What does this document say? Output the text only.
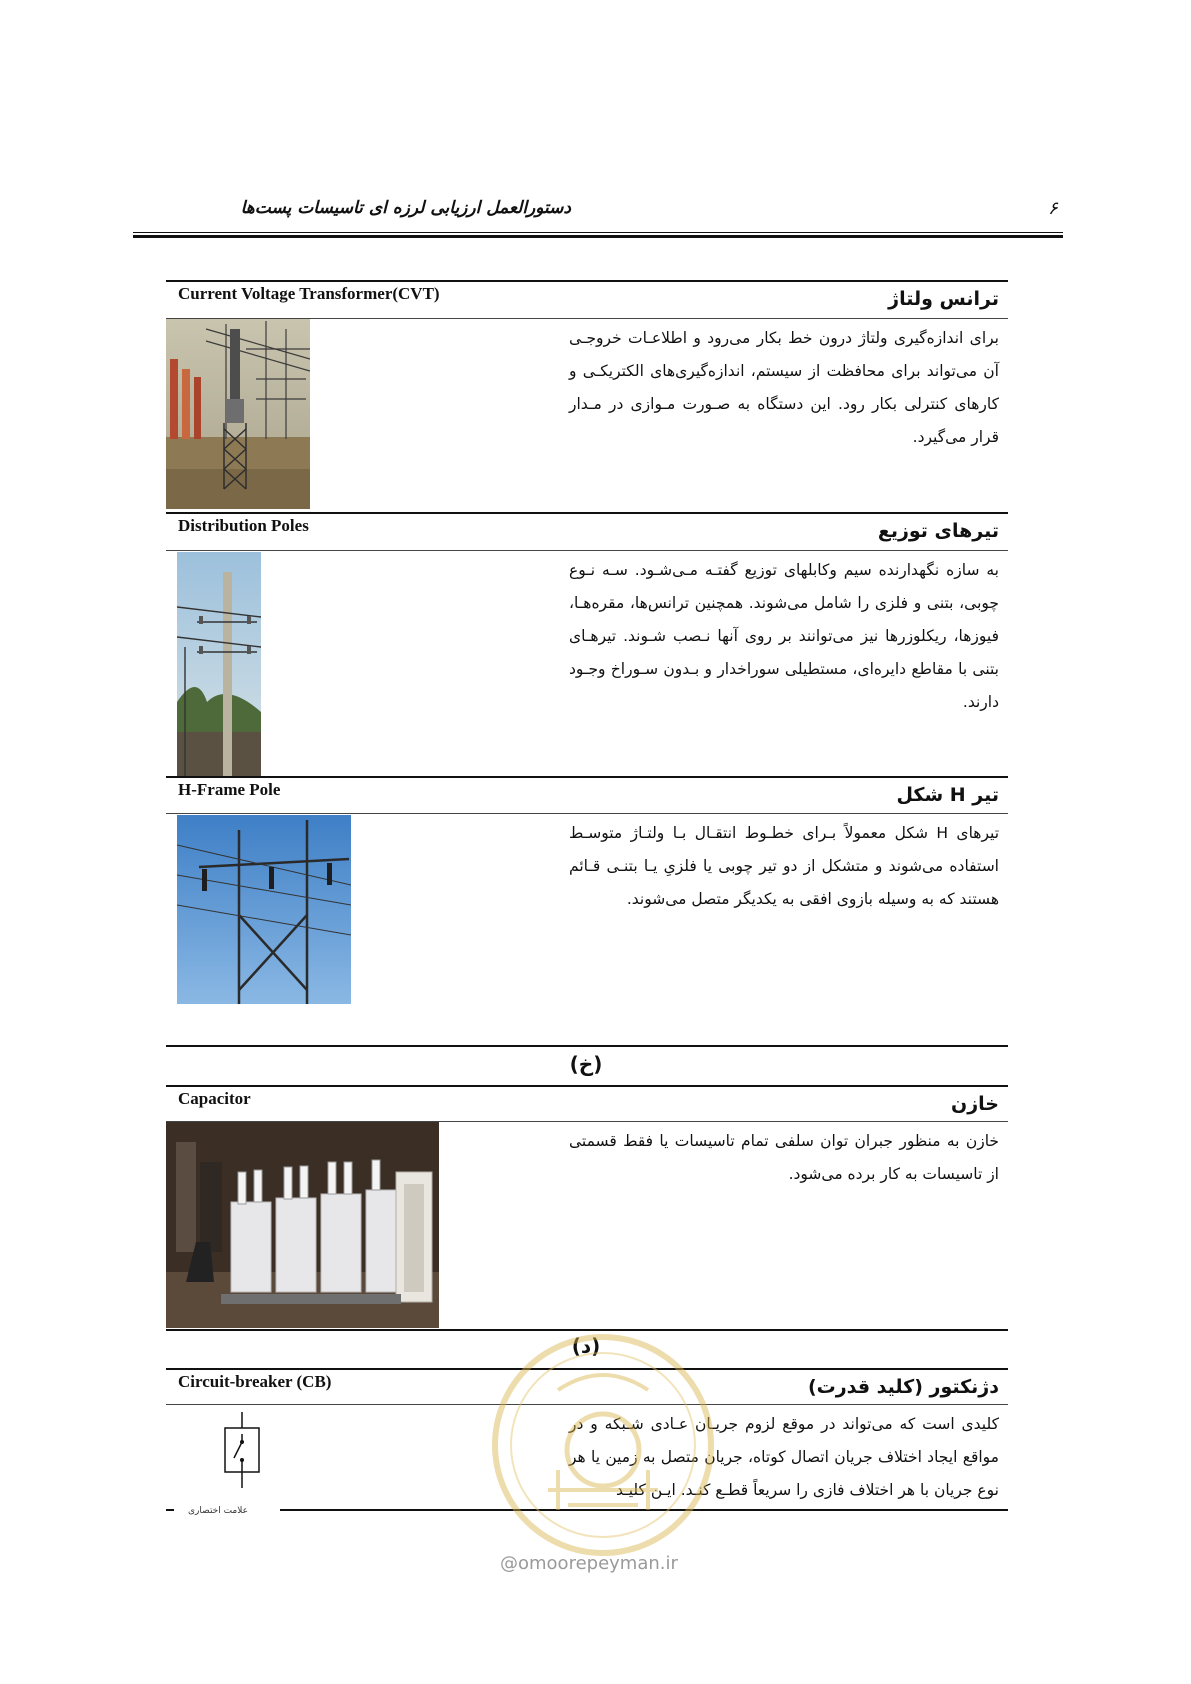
دستورالعمل ارزیابی لرزه ای تاسیسات پست‌ها	۶
Current Voltage Transformer(CVT)	ترانس ولتاژ
برای اندازه‌گیری ولتاژ درون خط بکار می‌رود و اطلاعـات خروجـی آن می‌تواند برای محافظت از سیستم، اندازه‌گیری‌های الکتریکـی و کارهای کنترلی بکار رود. این دستگاه به صـورت مـوازی در مـدار قرار می‌گیرد.
Distribution Poles	تیرهای توزیع
به سازه نگهدارنده سیم وکابلهای توزیع گفتـه مـی‌شـود. سـه نـوع چوبی، بتنی و فلزی را شامل می‌شوند. همچنین ترانس‌ها، مقره‌هـا، فیوزها، ریکلوزرها نیز می‌توانند بر روی آنها نـصب شـوند. تیرهـای بتنی با مقاطع دایره‌ای، مستطیلی سوراخدار و بـدون سـوراخ وجـود دارند.
H-Frame Pole	تیر H شکل
تیرهای H شکل معمولاً بـرای خطـوط انتقـال بـا ولتـاژ متوسـط استفاده می‌شوند و متشکل از دو تیر چوبی یا فلزیِ یـا بتنـی قـائم هستند که به وسیله بازوی افقی به یکدیگر متصل می‌شوند.
(خ)
Capacitor	خازن
خازن به منظور جبران توان سلفی تمام تاسیسات یا فقط قسمتی از تاسیسات به کار برده می‌شود.
(د)
Circuit-breaker (CB)	دژنکتور (کلید قدرت)
کلیدی است که می‌تواند در موقع لزوم جریـان عـادی شـبکه و در مواقع ایجاد اختلاف جریان اتصال کوتاه، جریان متصل به زمین یا هر نوع جریان با هر اختلاف فازی را سریعاً قطـع کنـد. ایـن کلیـد
علامت اختصاری
@omoorepeyman.ir
